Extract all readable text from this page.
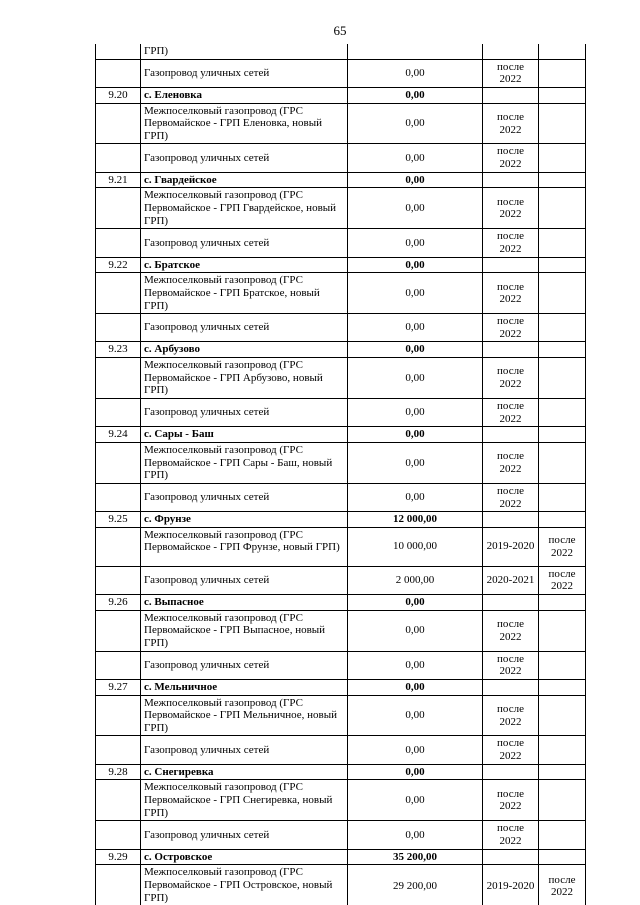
65
	ГРП)			
	Газопровод уличных сетей	0,00	после
2022	
9.20	с. Еленовка	0,00		
	Межпоселковый газопровод (ГРС Первомайское - ГРП Еленовка, новый ГРП)	0,00	после
2022	
	Газопровод уличных сетей	0,00	после
2022	
9.21	с. Гвардейское	0,00		
	Межпоселковый газопровод (ГРС Первомайское - ГРП Гвардейское, новый ГРП)	0,00	после
2022	
	Газопровод уличных сетей	0,00	после
2022	
9.22	с. Братское	0,00		
	Межпоселковый газопровод (ГРС Первомайское - ГРП Братское, новый ГРП)	0,00	после
2022	
	Газопровод уличных сетей	0,00	после
2022	
9.23	с. Арбузово	0,00		
	Межпоселковый газопровод (ГРС Первомайское - ГРП Арбузово, новый ГРП)	0,00	после
2022	
	Газопровод уличных сетей	0,00	после
2022	
9.24	с. Сары - Баш	0,00		
	Межпоселковый газопровод (ГРС Первомайское - ГРП Сары - Баш, новый ГРП)	0,00	после
2022	
	Газопровод уличных сетей	0,00	после
2022	
9.25	с. Фрунзе	12 000,00		
	Межпоселковый газопровод (ГРС Первомайское - ГРП Фрунзе, новый ГРП)	10 000,00	2019-2020	после
2022
	Газопровод уличных сетей	2 000,00	2020-2021	после
2022
9.26	с. Выпасное	0,00		
	Межпоселковый газопровод (ГРС Первомайское - ГРП Выпасное, новый ГРП)	0,00	после
2022	
	Газопровод уличных сетей	0,00	после
2022	
9.27	с. Мельничное	0,00		
	Межпоселковый газопровод (ГРС Первомайское - ГРП Мельничное, новый ГРП)	0,00	после
2022	
	Газопровод уличных сетей	0,00	после
2022	
9.28	с. Снегиревка	0,00		
	Межпоселковый газопровод (ГРС Первомайское - ГРП Снегиревка, новый ГРП)	0,00	после
2022	
	Газопровод уличных сетей	0,00	после
2022	
9.29	с. Островское	35 200,00		
	Межпоселковый газопровод (ГРС Первомайское - ГРП Островское, новый ГРП)	29 200,00	2019-2020	после
2022
